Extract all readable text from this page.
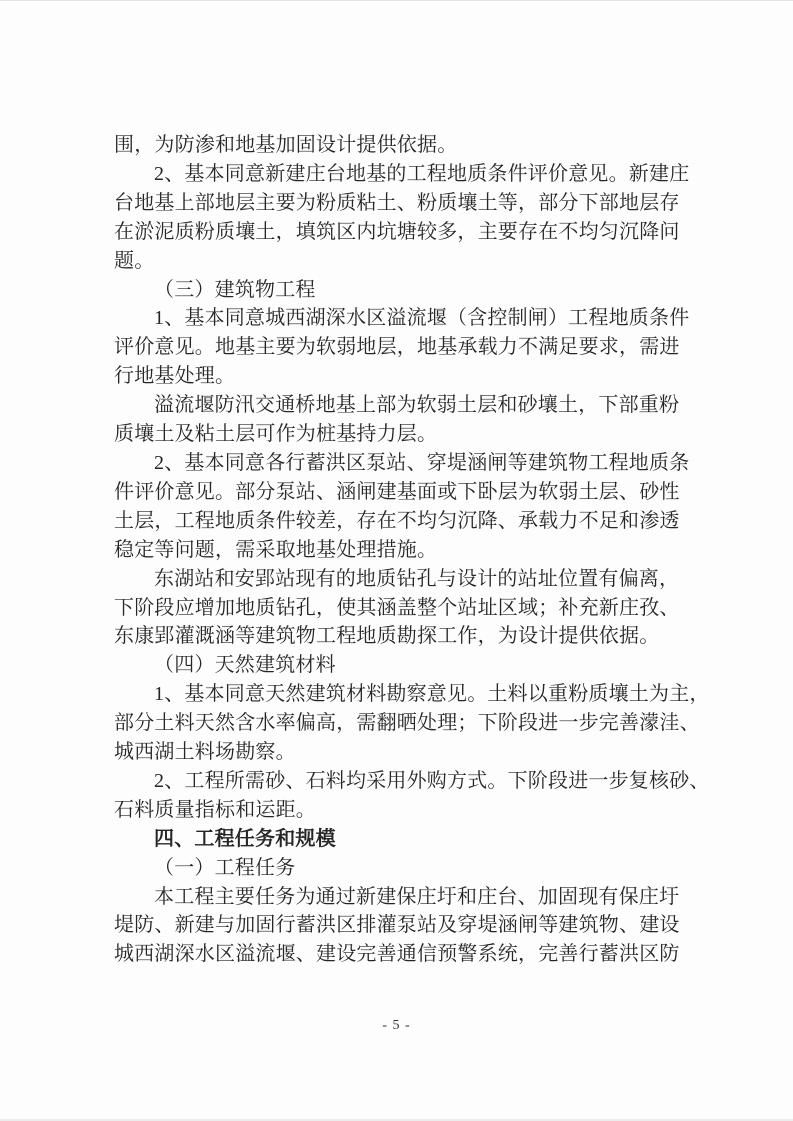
围，为防渗和地基加固设计提供依据。

2、基本同意新建庄台地基的工程地质条件评价意见。新建庄

台地基上部地层主要为粉质粘土、粉质壤土等，部分下部地层存

在淤泥质粉质壤土，填筑区内坑塘较多，主要存在不均匀沉降问

题。

（三）建筑物工程

1、基本同意城西湖深水区溢流堰（含控制闸）工程地质条件

评价意见。地基主要为软弱地层，地基承载力不满足要求，需进

行地基处理。

溢流堰防汛交通桥地基上部为软弱土层和砂壤土，下部重粉

质壤土及粘土层可作为桩基持力层。

2、基本同意各行蓄洪区泵站、穿堤涵闸等建筑物工程地质条

件评价意见。部分泵站、涵闸建基面或下卧层为软弱土层、砂性

土层，工程地质条件较差，存在不均匀沉降、承载力不足和渗透

稳定等问题，需采取地基处理措施。

东湖站和安郢站现有的地质钻孔与设计的站址位置有偏离，

下阶段应增加地质钻孔，使其涵盖整个站址区域；补充新庄孜、

东康郢灌溉涵等建筑物工程地质勘探工作，为设计提供依据。

（四）天然建筑材料

1、基本同意天然建筑材料勘察意见。土料以重粉质壤土为主，

部分土料天然含水率偏高，需翻晒处理；下阶段进一步完善濛洼、

城西湖土料场勘察。

2、工程所需砂、石料均采用外购方式。下阶段进一步复核砂、

石料质量指标和运距。

四、工程任务和规模

（一）工程任务

本工程主要任务为通过新建保庄圩和庄台、加固现有保庄圩

堤防、新建与加固行蓄洪区排灌泵站及穿堤涵闸等建筑物、建设

城西湖深水区溢流堰、建设完善通信预警系统，完善行蓄洪区防

- 5 -
